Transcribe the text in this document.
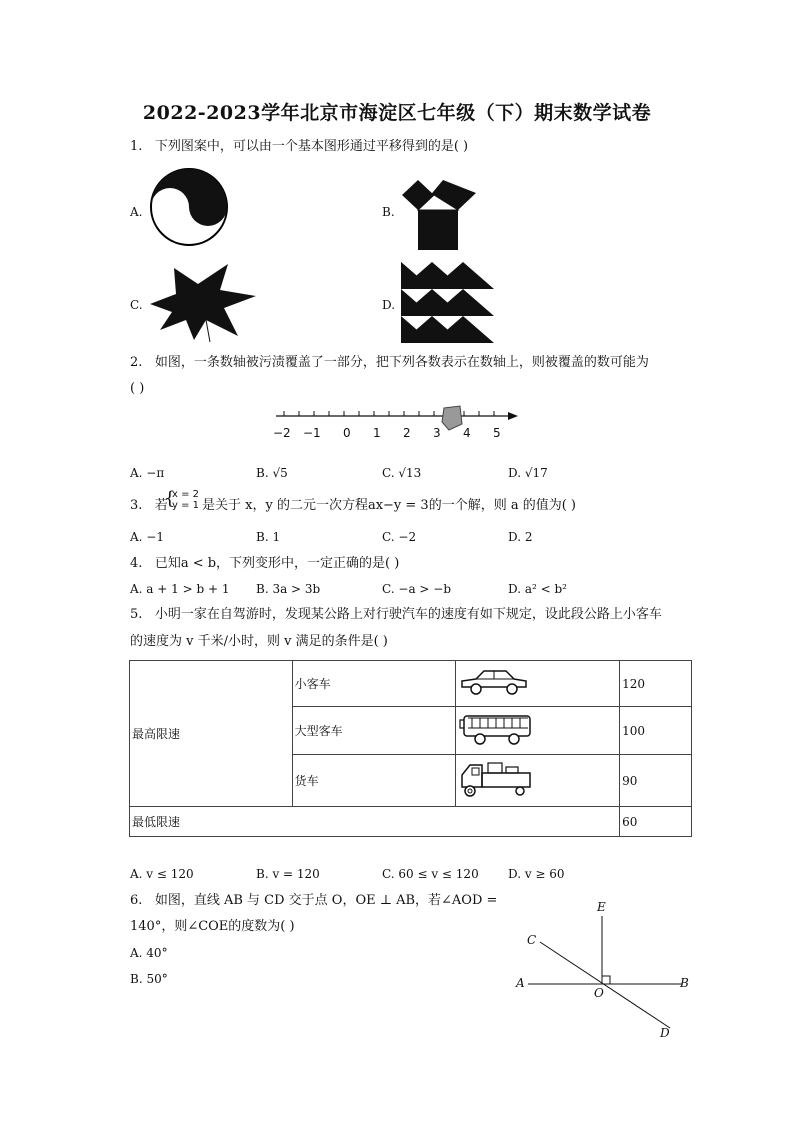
2022-2023学年北京市海淀区七年级（下）期末数学试卷
1. 下列图案中，可以由一个基本图形通过平移得到的是( )
A.	B.
C.	D.
2. 如图，一条数轴被污渍覆盖了一部分，把下列各数表示在数轴上，则被覆盖的数可能为
( )
−2 −1 0 1 2 3 4 5
A. −π	B. √5	C. √13	D. √17
3. 若
{
x = 2
y = 1 是关于 x，y 的二元一次方程ax−y = 3的一个解，则 a 的值为( )
A. −1	B. 1	C. −2	D. 2
4. 已知a < b，下列变形中，一定正确的是( )
A. a + 1 > b + 1 B. 3a > 3b	C. −a > −b	D. a² < b²
5. 小明一家在自驾游时，发现某公路上对行驶汽车的速度有如下规定，设此段公路上小客车
的速度为 v 千米/小时，则 v 满足的条件是( )
最高限速	小客车		120
	大型客车		100
	货车		90
最低限速			60
A. v ≤ 120	B. v = 120	C. 60 ≤ v ≤ 120 D. v ≥ 60
6. 如图，直线 AB 与 CD 交于点 O，OE ⊥ AB，若∠AOD =
140°，则∠COE的度数为( )
A. 40°
B. 50°
E
C
A
O
B
D
